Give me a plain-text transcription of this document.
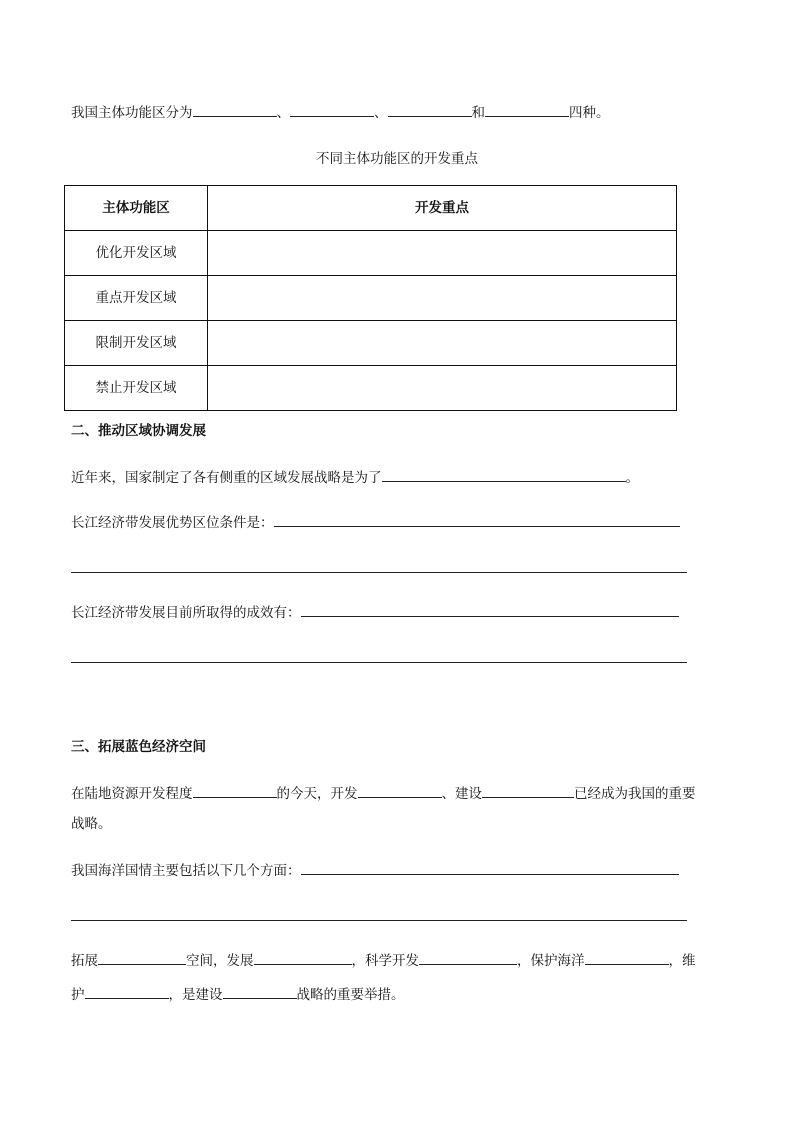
我国主体功能区分为	、	、	和	四种。
不同主体功能区的开发重点
主体功能区	开发重点
优化开发区域	
重点开发区域	
限制开发区域	
禁止开发区域	
二、推动区域协调发展
近年来，国家制定了各有侧重的区域发展战略是为了	。
长江经济带发展优势区位条件是：
长江经济带发展目前所取得的成效有：
三、拓展蓝色经济空间
在陆地资源开发程度	的今天，开发	、建设	已经成为我国的重要
战略。
我国海洋国情主要包括以下几个方面：
拓展	空间，发展	，科学开发	，保护海洋	，维
护	，是建设	战略的重要举措。
